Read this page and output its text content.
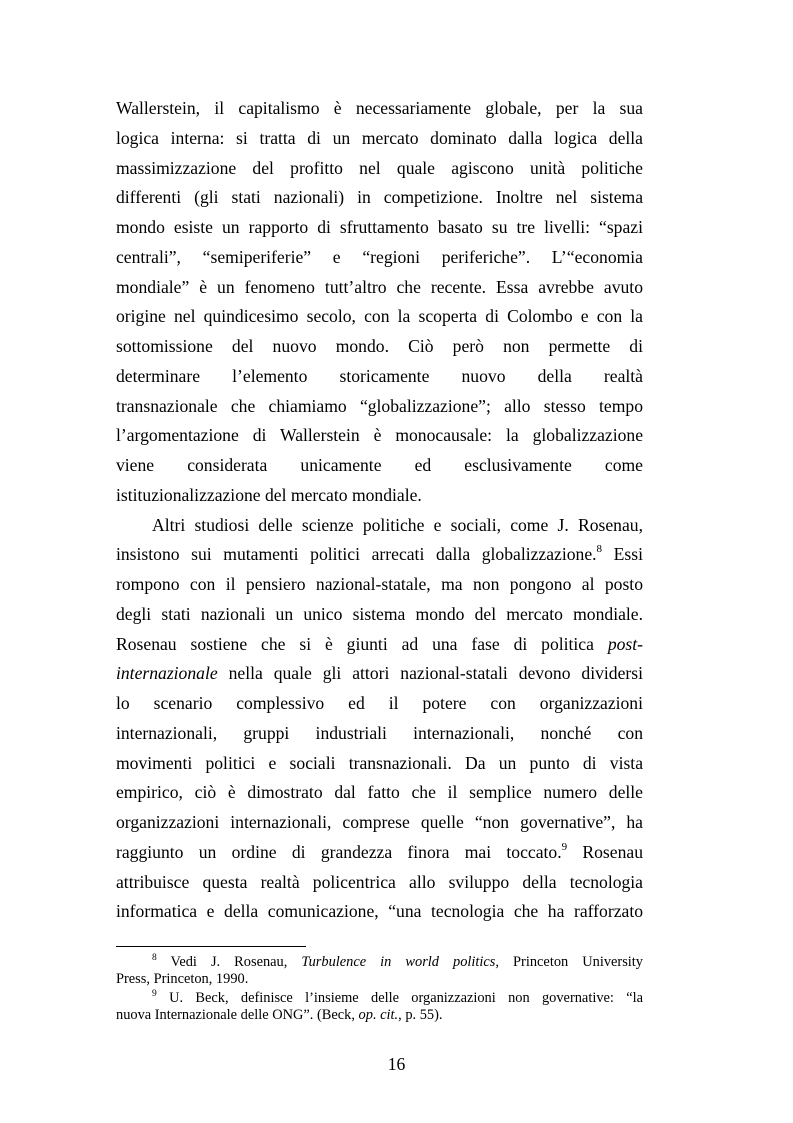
Wallerstein, il capitalismo è necessariamente globale, per la sua
logica interna: si tratta di un mercato dominato dalla logica della
massimizzazione del profitto nel quale agiscono unità politiche
differenti (gli stati nazionali) in competizione. Inoltre nel sistema
mondo esiste un rapporto di sfruttamento basato su tre livelli: “spazi
centrali”, “semiperiferie” e “regioni periferiche”. L’“economia
mondiale” è un fenomeno tutt’altro che recente. Essa avrebbe avuto
origine nel quindicesimo secolo, con la scoperta di Colombo e con la
sottomissione del nuovo mondo. Ciò però non permette di
determinare l’elemento storicamente nuovo della realtà
transnazionale che chiamiamo “globalizzazione”; allo stesso tempo
l’argomentazione di Wallerstein è monocausale: la globalizzazione
viene considerata unicamente ed esclusivamente come
istituzionalizzazione del mercato mondiale.

Altri studiosi delle scienze politiche e sociali, come J. Rosenau,
insistono sui mutamenti politici arrecati dalla globalizzazione.$^8$ Essi
rompono con il pensiero nazional-statale, ma non pongono al posto
degli stati nazionali un unico sistema mondo del mercato mondiale.
Rosenau sostiene che si è giunti ad una fase di politica post-
internazionale nella quale gli attori nazional-statali devono dividersi
lo scenario complessivo ed il potere con organizzazioni
internazionali, gruppi industriali internazionali, nonché con
movimenti politici e sociali transnazionali. Da un punto di vista
empirico, ciò è dimostrato dal fatto che il semplice numero delle
organizzazioni internazionali, comprese quelle “non governative”, ha
raggiunto un ordine di grandezza finora mai toccato.$^9$ Rosenau
attribuisce questa realtà policentrica allo sviluppo della tecnologia
informatica e della comunicazione, “una tecnologia che ha rafforzato

$^8$ Vedi J. Rosenau, Turbulence in world politics, Princeton University
Press, Princeton, 1990.
$^9$ U. Beck, definisce l’insieme delle organizzazioni non governative: “la
nuova Internazionale delle ONG”. (Beck, op. cit., p. 55).
16
